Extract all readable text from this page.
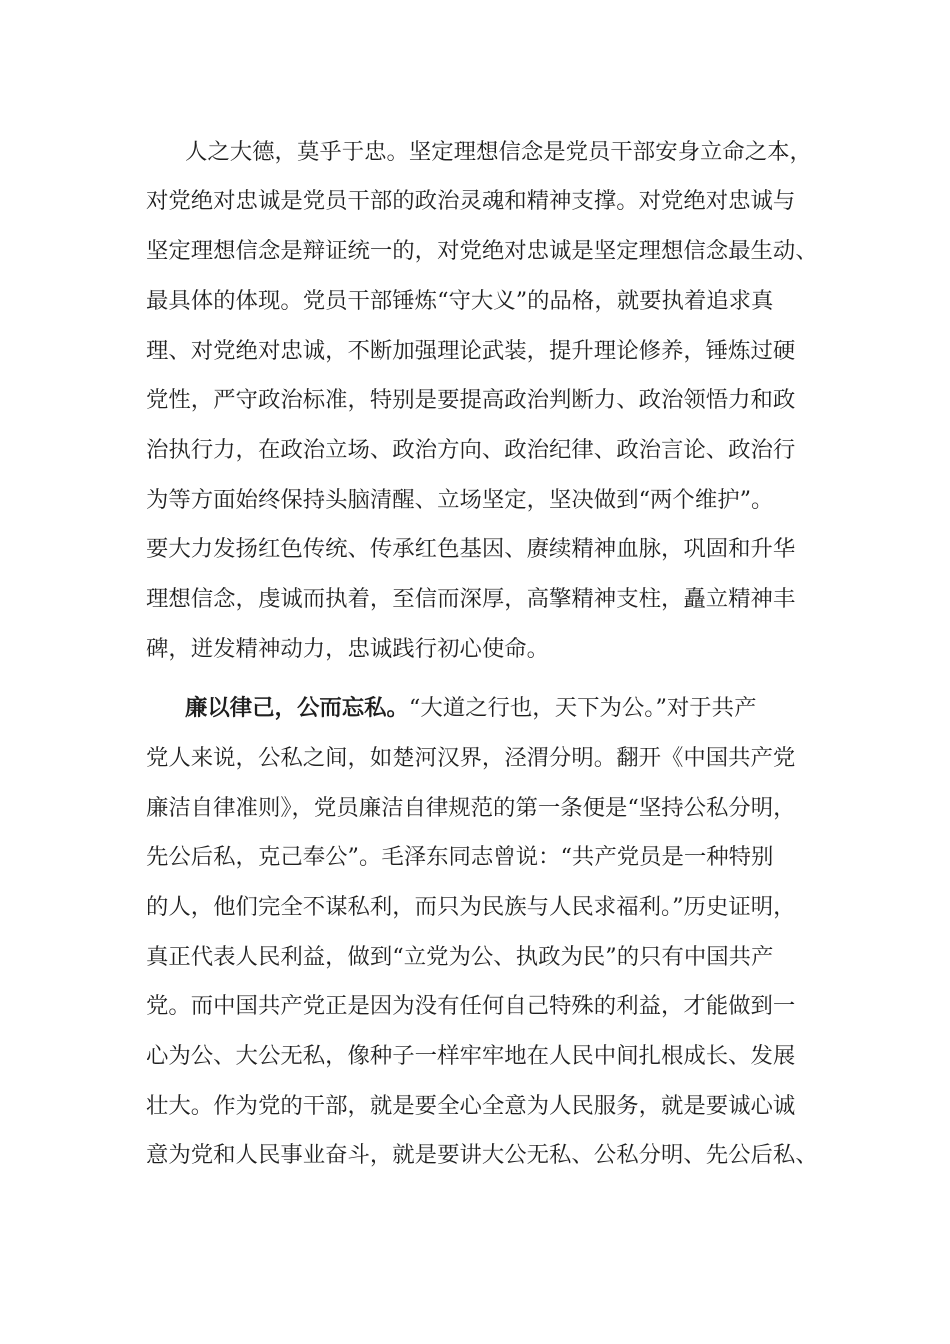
人之大德，莫乎于忠。坚定理想信念是党员干部安身立命之本，
对党绝对忠诚是党员干部的政治灵魂和精神支撑。对党绝对忠诚与
坚定理想信念是辩证统一的，对党绝对忠诚是坚定理想信念最生动、
最具体的体现。党员干部锤炼“守大义”的品格，就要执着追求真
理、对党绝对忠诚，不断加强理论武装，提升理论修养，锤炼过硬
党性，严守政治标准，特别是要提高政治判断力、政治领悟力和政
治执行力，在政治立场、政治方向、政治纪律、政治言论、政治行
为等方面始终保持头脑清醒、立场坚定，坚决做到“两个维护”。
要大力发扬红色传统、传承红色基因、赓续精神血脉，巩固和升华
理想信念，虔诚而执着，至信而深厚，高擎精神支柱，矗立精神丰
碑，迸发精神动力，忠诚践行初心使命。
廉以律己，公而忘私。“大道之行也，天下为公。”对于共产
党人来说，公私之间，如楚河汉界，泾渭分明。翻开《中国共产党
廉洁自律准则》，党员廉洁自律规范的第一条便是“坚持公私分明，
先公后私，克己奉公”。毛泽东同志曾说：“共产党员是一种特别
的人，他们完全不谋私利，而只为民族与人民求福利。”历史证明，
真正代表人民利益，做到“立党为公、执政为民”的只有中国共产
党。而中国共产党正是因为没有任何自己特殊的利益，才能做到一
心为公、大公无私，像种子一样牢牢地在人民中间扎根成长、发展
壮大。作为党的干部，就是要全心全意为人民服务，就是要诚心诚
意为党和人民事业奋斗，就是要讲大公无私、公私分明、先公后私、
